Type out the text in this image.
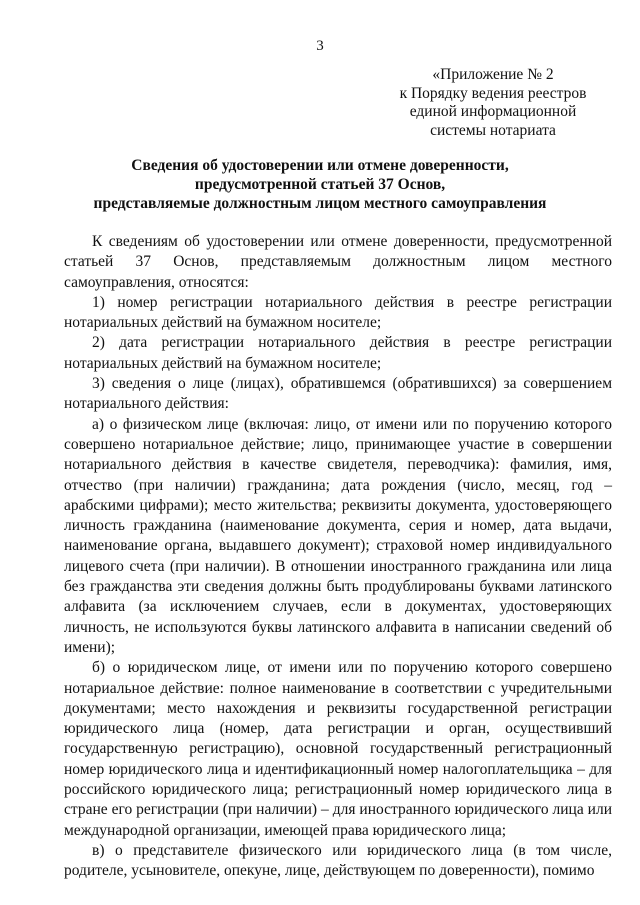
3
«Приложение № 2
к Порядку ведения реестров
единой информационной
системы нотариата
Сведения об удостоверении или отмене доверенности,
предусмотренной статьей 37 Основ,
представляемые должностным лицом местного самоуправления

К сведениям об удостоверении или отмене доверенности, предусмотренной статьей 37 Основ, представляемым должностным лицом местного самоуправления, относятся:

1) номер регистрации нотариального действия в реестре регистрации нотариальных действий на бумажном носителе;

2) дата регистрации нотариального действия в реестре регистрации нотариальных действий на бумажном носителе;

3) сведения о лице (лицах), обратившемся (обратившихся) за совершением нотариального действия:

а) о физическом лице (включая: лицо, от имени или по поручению которого совершено нотариальное действие; лицо, принимающее участие в совершении нотариального действия в качестве свидетеля, переводчика): фамилия, имя, отчество (при наличии) гражданина; дата рождения (число, месяц, год – арабскими цифрами); место жительства; реквизиты документа, удостоверяющего личность гражданина (наименование документа, серия и номер, дата выдачи, наименование органа, выдавшего документ); страховой номер индивидуального лицевого счета (при наличии). В отношении иностранного гражданина или лица без гражданства эти сведения должны быть продублированы буквами латинского алфавита (за исключением случаев, если в документах, удостоверяющих личность, не используются буквы латинского алфавита в написании сведений об имени);

б) о юридическом лице, от имени или по поручению которого совершено нотариальное действие: полное наименование в соответствии с учредительными документами; место нахождения и реквизиты государственной регистрации юридического лица (номер, дата регистрации и орган, осуществивший государственную регистрацию), основной государственный регистрационный номер юридического лица и идентификационный номер налогоплательщика – для российского юридического лица; регистрационный номер юридического лица в стране его регистрации (при наличии) – для иностранного юридического лица или международной организации, имеющей права юридического лица;

в) о представителе физического или юридического лица (в том числе, родителе, усыновителе, опекуне, лице, действующем по доверенности), помимо
